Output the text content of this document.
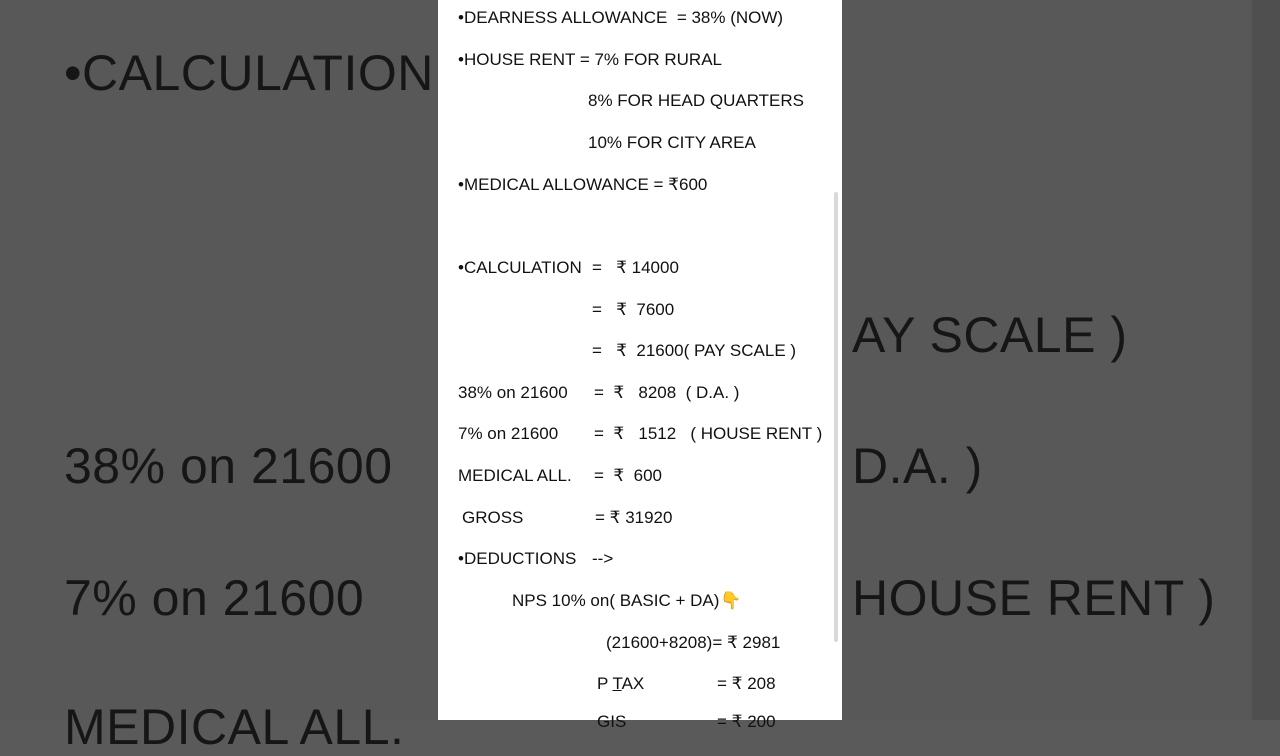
•CALCULATION
AY SCALE )
38% on 21600	D.A. )
7% on 21600	HOUSE RENT )
MEDICAL ALL.
•DEARNESS ALLOWANCE  = 38% (NOW)
•HOUSE RENT = 7% FOR RURAL
8% FOR HEAD QUARTERS
10% FOR CITY AREA
•MEDICAL ALLOWANCE = ₹600
•CALCULATION =   ₹ 14000
=   ₹  7600
=   ₹  21600( PAY SCALE )
38% on 21600 =  ₹   8208  ( D.A. )
7% on 21600 =  ₹   1512   ( HOUSE RENT )
MEDICAL ALL. =  ₹  600
GROSS	= ₹ 31920
•DEDUCTIONS -->
NPS 10% on( BASIC + DA)👇
(21600+8208)= ₹ 2981
P TAX	= ₹ 208
GIS	= ₹ 200
